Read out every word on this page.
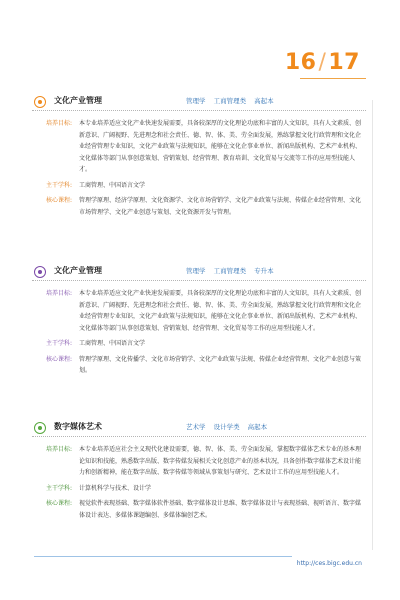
16/17
文化产业管理	管理学 工商管理类 高起本
培养目标: 本专业培养适应文化产业快速发展需要，具备较深厚的文化理论功底和丰富的人文知识，具有人文素质、创新意识、广阔视野、先进理念和社会责任、德、智、体、美、劳全面发展，熟练掌握文化行政管理和文化企业经营管理专业知识，文化产业政策与法规知识，能够在文化企事业单位、新闻出版机构、艺术产业机构、文化媒体等部门从事创意策划、营销策划、经营管理、教育培训、文化贸易与交流等工作的应用型技能人才。
主干学科: 工商管理、中国语言文学
核心课程: 管理学原理、经济学原理、文化资源学、文化市场营销学、文化产业政策与法规、传媒企业经营管理、文化市场管理学、文化产业创意与策划、文化资源开发与管理。
文化产业管理	管理学 工商管理类 专升本
培养目标: 本专业培养适应文化产业快速发展需要，具备较深厚的文化理论功底和丰富的人文知识，具有人文素质、创新意识、广阔视野、先进理念和社会责任、德、智、体、美、劳全面发展，熟练掌握文化行政管理和文化企业经营管理专业知识，文化产业政策与法规知识，能够在文化企事业单位、新闻出版机构、艺术产业机构、文化媒体等部门从事创意策划、营销策划、经营管理、文化贸易等工作的应用型技能人才。
主干学科: 工商管理、中国语言文学
核心课程: 管理学原理、文化传播学、文化市场营销学、文化产业政策与法规、传媒企业经营管理、文化产业创意与策划。
数字媒体艺术	艺术学 设计学类 高起本
培养目标: 本专业培养适应社会主义现代化建设需要，德、智、体、美、劳全面发展，掌握数字媒体艺术专业的基本理论知识和技能，熟悉数字出版、数字传媒发展相关文化创意产业的基本状况，具备创作数字媒体艺术设计能力和创新精神，能在数字出版、数字传媒等领域从事策划与研究、艺术设计工作的应用型技能人才。
主干学科: 计算机科学与技术、设计学
核心课程: 视觉软件表现基础、数字媒体软件基础、数字媒体设计思维、数字媒体设计与表现基础、视听语言、数字媒体设计表达、多媒体课题编创、多媒体编创艺术。
http://ces.bigc.edu.cn
